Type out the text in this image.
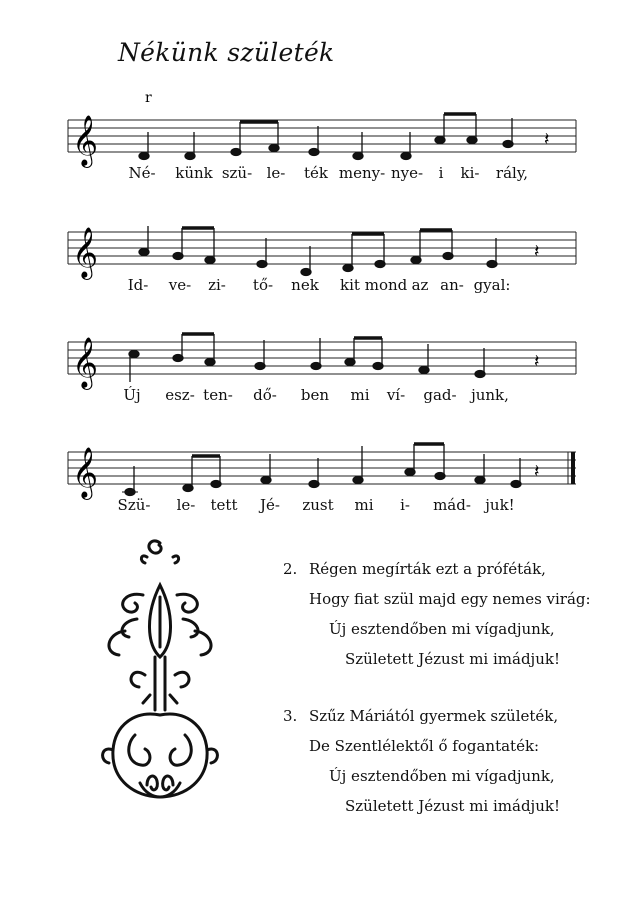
Nékünk születék
r
𝄞	𝄽
Né- künk szü- le- ték meny- nye- i ki- rály,
𝄞	𝄽
Id- ve- zi- tő- nek kit mond az an- gyal:
𝄞	𝄽
Új esz- ten- dő- ben mi ví- gad- junk,
𝄞	𝄽
Szü- le- tett Jé- zust mi i- mád- juk!
2. Régen megírták ezt a próféták,
Hogy fiat szül majd egy nemes virág:
Új esztendőben mi vígadjunk,
Született Jézust mi imádjuk!
3. Szűz Máriától gyermek születék,
De Szentlélektől ő fogantaték:
Új esztendőben mi vígadjunk,
Született Jézust mi imádjuk!
